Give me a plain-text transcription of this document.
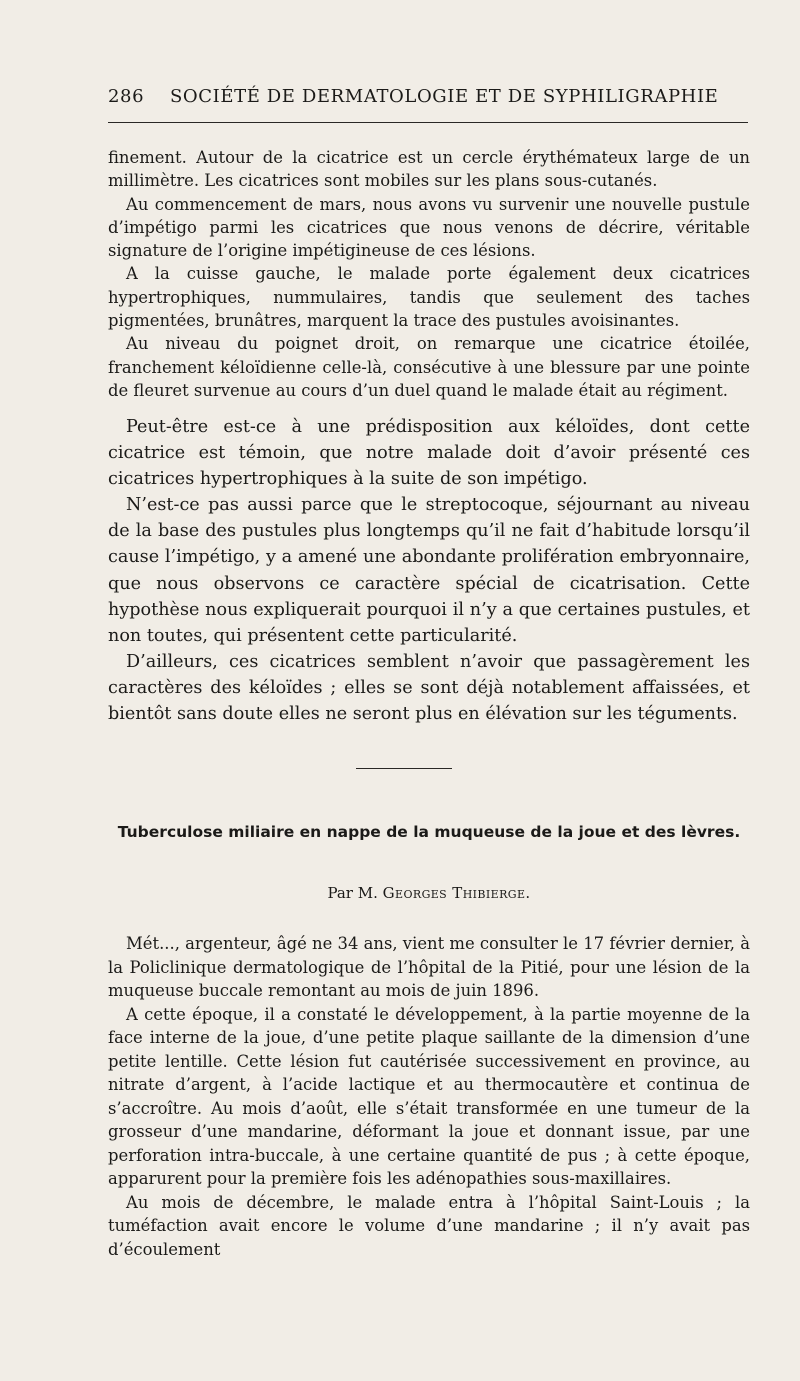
286 SOCIÉTÉ DE DERMATOLOGIE ET DE SYPHILIGRAPHIE

finement. Autour de la cicatrice est un cercle érythémateux large de un millimètre. Les cicatrices sont mobiles sur les plans sous-cutanés.

Au commencement de mars, nous avons vu survenir une nouvelle pustule d’impétigo parmi les cicatrices que nous venons de décrire, véritable signature de l’origine impétigineuse de ces lésions.

A la cuisse gauche, le malade porte également deux cicatrices hypertrophiques, nummulaires, tandis que seulement des taches pigmentées, brunâtres, marquent la trace des pustules avoisinantes.

Au niveau du poignet droit, on remarque une cicatrice étoilée, franchement kéloïdienne celle-là, consécutive à une blessure par une pointe de fleuret survenue au cours d’un duel quand le malade était au régiment.

Peut-être est-ce à une prédisposition aux kéloïdes, dont cette cicatrice est témoin, que notre malade doit d’avoir présenté ces cicatrices hypertrophiques à la suite de son impétigo.

N’est-ce pas aussi parce que le streptocoque, séjournant au niveau de la base des pustules plus longtemps qu’il ne fait d’habitude lorsqu’il cause l’impétigo, y a amené une abondante prolifération embryonnaire, que nous observons ce caractère spécial de cicatrisation. Cette hypothèse nous expliquerait pourquoi il n’y a que certaines pustules, et non toutes, qui présentent cette particularité.

D’ailleurs, ces cicatrices semblent n’avoir que passagèrement les caractères des kéloïdes ; elles se sont déjà notablement affaissées, et bientôt sans doute elles ne seront plus en élévation sur les téguments.

Tuberculose miliaire en nappe de la muqueuse de la joue et des lèvres.
Par M. Georges Thibierge.

Mét..., argenteur, âgé ne 34 ans, vient me consulter le 17 février dernier, à la Policlinique dermatologique de l’hôpital de la Pitié, pour une lésion de la muqueuse buccale remontant au mois de juin 1896.

A cette époque, il a constaté le développement, à la partie moyenne de la face interne de la joue, d’une petite plaque saillante de la dimension d’une petite lentille. Cette lésion fut cautérisée successivement en province, au nitrate d’argent, à l’acide lactique et au thermocautère et continua de s’accroître. Au mois d’août, elle s’était transformée en une tumeur de la grosseur d’une mandarine, déformant la joue et donnant issue, par une perforation intra-buccale, à une certaine quantité de pus ; à cette époque, apparurent pour la première fois les adénopathies sous-maxillaires.

Au mois de décembre, le malade entra à l’hôpital Saint-Louis ; la tuméfaction avait encore le volume d’une mandarine ; il n’y avait pas d’écoulement
